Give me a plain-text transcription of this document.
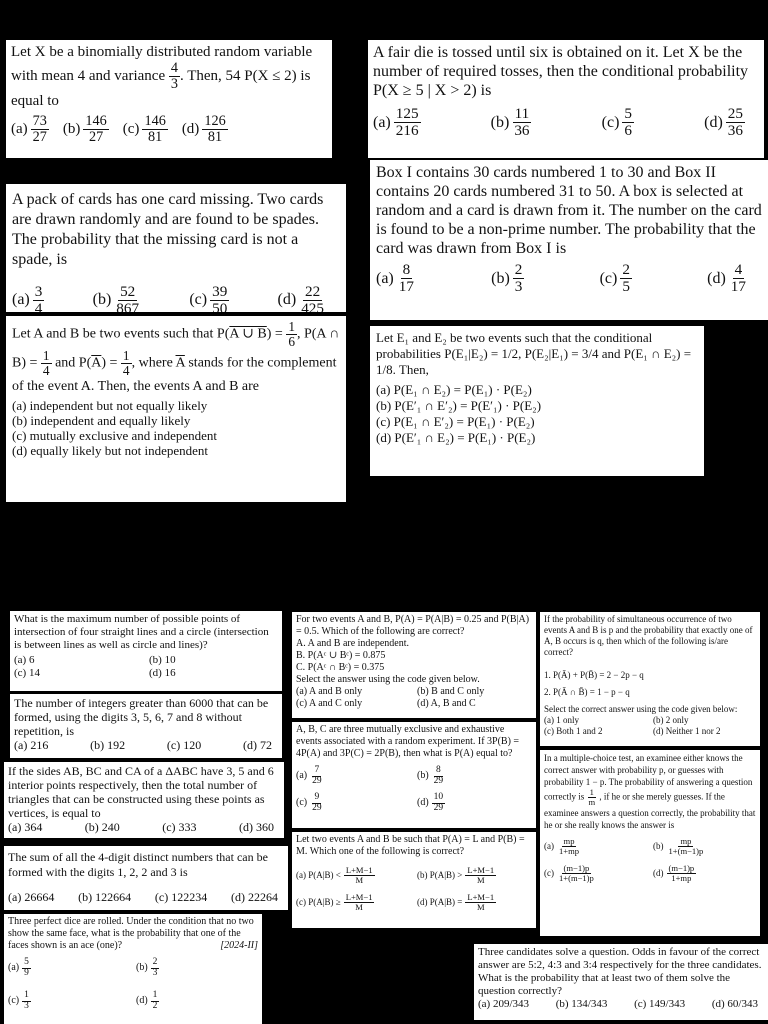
Let X be a binomially distributed random variable with mean 4 and variance $\frac{4}{3}$ . Then, 54 P(X ≤ 2) is equal to
$(a) \frac{73}{27} (b) \frac{146}{27} (c) \frac{146}{81} (d) \frac{126}{81}$
A fair die is tossed until six is obtained on it. Let X be the number of required tosses, then the conditional probability P(X ≥ 5 | X > 2) is
$(a) \frac{125}{216}$	$(b) \frac{11}{36}$	$(c) \frac{5}{6}$	$(d) \frac{25}{36}$
A pack of cards has one card missing. Two cards are drawn randomly and are found to be spades. The probability that the missing card is not a spade, is
$(a) \frac{3}{4}$	$(b) \frac{52}{867}$	$(c) \frac{39}{50}$	$(d) \frac{22}{425}$
Box I contains 30 cards numbered 1 to 30 and Box II contains 20 cards numbered 31 to 50. A box is selected at random and a card is drawn from it. The number on the card is found to be a non-prime number. The probability that the card was drawn from Box I is
$(a) \frac{8}{17}$	$(b) \frac{2}{3}$	$(c) \frac{2}{5}$	$(d) \frac{4}{17}$
Let A and B be two events such that P(A ∪ $B) = \frac{1}{6}$ , P(A ∩ $B) = \frac{1}{4}$ and $P(\overline{A}) = \frac{1}{4}$ , where $\overline{A}$ stands for the complement of the event A. Then, the events A and B are
(a) independent but not equally likely
(b) independent and equally likely
(c) mutually exclusive and independent
(d) equally likely but not independent
Let E₁ and E₂ be two events such that the conditional probabilities P(E₁|E₂) = 1/2, P(E₂|E₁) = 3/4 and P(E₁ ∩ E₂) = 1/8. Then,
(a) P(E₁ ∩ E₂) = P(E₁) · P(E₂)
(b) P(E′₁ ∩ E′₂) = P(E′₁) · P(E₂)
(c) P(E₁ ∩ E′₂) = P(E₁) · P(E₂)
(d) P(E′₁ ∩ E₂) = P(E₁) · P(E₂)
What is the maximum number of possible points of intersection of four straight lines and a circle (intersection is between lines as well as circle and lines)?
(a) 6	(b) 10
(c) 14	(d) 16
The number of integers greater than 6000 that can be formed, using the digits 3, 5, 6, 7 and 8 without repetition, is
(a) 216	(b) 192	(c) 120	(d) 72
If the sides AB, BC and CA of a ΔABC have 3, 5 and 6 interior points respectively, then the total number of triangles that can be constructed using these points as vertices, is equal to
(a) 364	(b) 240	(c) 333	(d) 360
The sum of all the 4-digit distinct numbers that can be formed with the digits 1, 2, 2 and 3 is
(a) 26664 (b) 122664 (c) 122234 (d) 22264
Three perfect dice are rolled. Under the condition that no two show the same face, what is the probability that one of the faces shown is an ace (one)?	[2024-II]
$(a) \frac{5}{9}$	$(b) \frac{2}{3}$
$(c) \frac{1}{3}$	$(d) \frac{1}{2}$
For two events A and B, P(A) = P(A|B) = 0.25 and P(B|A) = 0.5. Which of the following are correct?
A. A and B are independent.
B. P(Aᶜ ∪ Bᶜ) = 0.875
C. P(Aᶜ ∩ Bᶜ) = 0.375
Select the answer using the code given below.
(a) A and B only	(b) B and C only
(c) A and C only	(d) A, B and C
A, B, C are three mutually exclusive and exhaustive events associated with a random experiment. If 3P(B) = 4P(A) and 3P(C) = 2P(B), then what is P(A) equal to?
$(a) \frac{7}{29}$	$(b) \frac{8}{29}$
$(c) \frac{9}{29}$	$(d) \frac{10}{29}$
Let two events A and B be such that P(A) = L and P(B) = M. Which one of the following is correct?
(a) $P(A|B) < \frac{L+M-1}{M}$	(b) $P(A|B) > \frac{L+M-1}{M}$
(c) $P(A|B) \ge \frac{L+M-1}{M}$	(d) $P(A|B) = \frac{L+M-1}{M}$
If the probability of simultaneous occurrence of two events A and B is p and the probability that exactly one of A, B occurs is q, then which of the following is/are correct?
1. P(Ā) + P(B̄) = 2 − 2p − q
2. P(Ā ∩ B̄) = 1 − p − q
Select the correct answer using the code given below:
(a) 1 only	(b) 2 only
(c) Both 1 and 2	(d) Neither 1 nor 2
In a multiple-choice test, an examinee either knows the correct answer with probability p, or guesses with probability 1 − p. The probability of answering a question correctly is $\frac{1}{m}$ , if he or she merely guesses. If the examinee answers a question correctly, the probability that he or she really knows the answer is
$(a) \frac{mp}{1+mp}$	$(b) \frac{mp}{1+(m-1)p}$
$(c) \frac{(m-1)p}{1+(m-1)p}$	$(d) \frac{(m-1)p}{1+mp}$
Three candidates solve a question. Odds in favour of the correct answer are 5:2, 4:3 and 3:4 respectively for the three candidates. What is the probability that at least two of them solve the question correctly?
(a) 209/343 (b) 134/343 (c) 149/343 (d) 60/343
